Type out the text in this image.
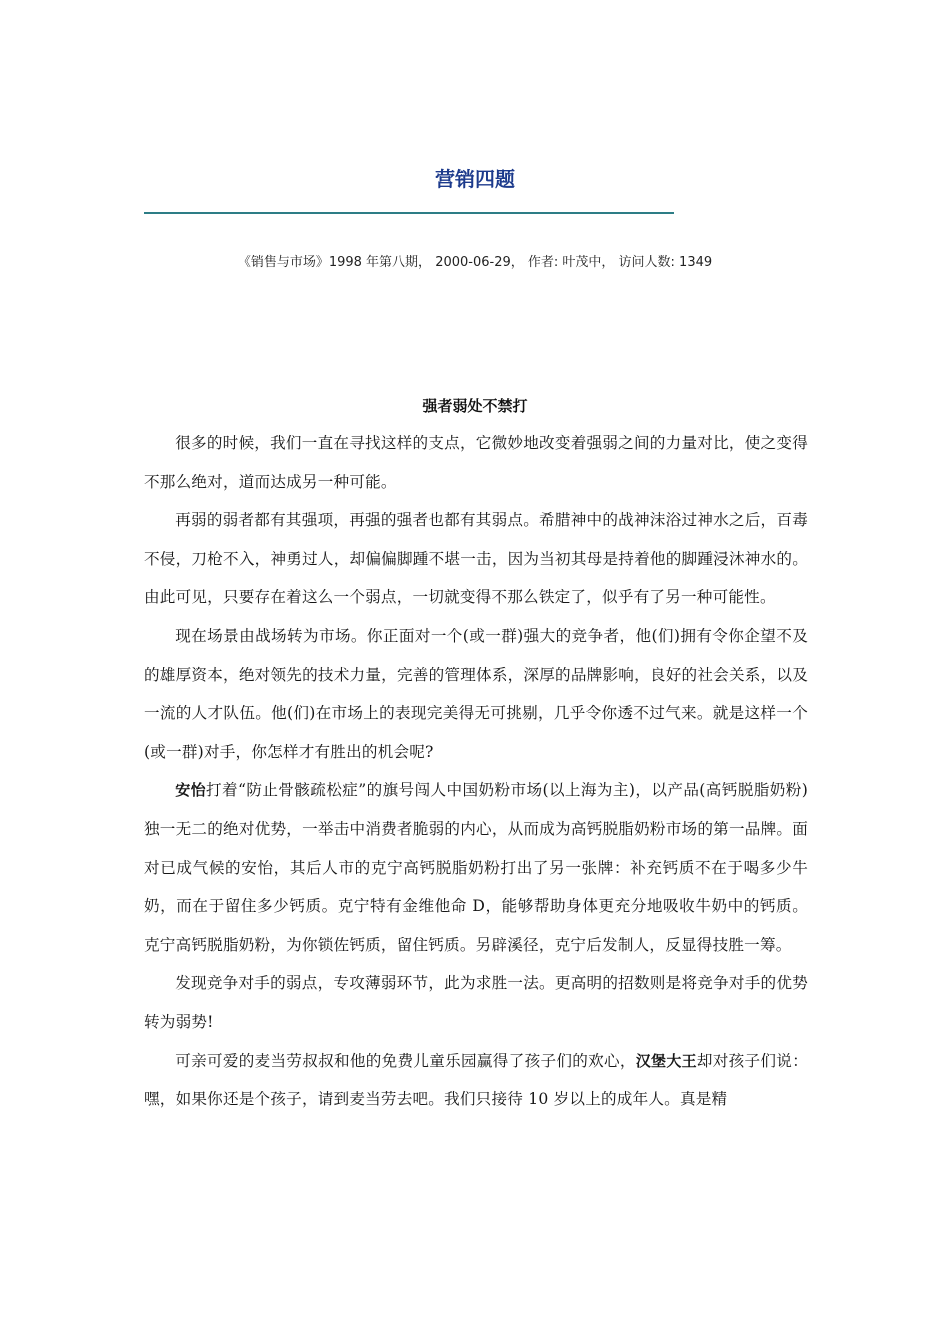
营销四题
《销售与市场》1998 年第八期， 2000-06-29， 作者: 叶茂中， 访问人数: 1349
强者弱处不禁打

很多的时候，我们一直在寻找这样的支点，它微妙地改变着强弱之间的力量对比，使之变得不那么绝对，道而达成另一种可能。

再弱的弱者都有其强项，再强的强者也都有其弱点。希腊神中的战神沫浴过神水之后，百毒不侵，刀枪不入，神勇过人，却偏偏脚踵不堪一击，因为当初其母是持着他的脚踵浸沐神水的。由此可见，只要存在着这么一个弱点，一切就变得不那么铁定了，似乎有了另一种可能性。

现在场景由战场转为市场。你正面对一个(或一群)强大的竞争者，他(们)拥有令你企望不及的雄厚资本，绝对领先的技术力量，完善的管理体系，深厚的品牌影响，良好的社会关系，以及一流的人才队伍。他(们)在市场上的表现完美得无可挑剔，几乎令你透不过气来。就是这样一个(或一群)对手，你怎样才有胜出的机会呢?

安怡打着“防止骨骸疏松症”的旗号闯人中国奶粉市场(以上海为主)，以产品(高钙脱脂奶粉)独一无二的绝对优势，一举击中消费者脆弱的内心，从而成为高钙脱脂奶粉市场的第一品牌。面对已成气候的安怡，其后人市的克宁高钙脱脂奶粉打出了另一张牌：补充钙质不在于喝多少牛奶，而在于留住多少钙质。克宁特有金维他命 D，能够帮助身体更充分地吸收牛奶中的钙质。克宁高钙脱脂奶粉，为你锁佐钙质，留住钙质。另辟溪径，克宁后发制人，反显得技胜一筹。

发现竞争对手的弱点，专攻薄弱环节，此为求胜一法。更高明的招数则是将竞争对手的优势转为弱势!

可亲可爱的麦当劳叔叔和他的免费儿童乐园赢得了孩子们的欢心，汉堡大王却对孩子们说：嘿，如果你还是个孩子，请到麦当劳去吧。我们只接待 10 岁以上的成年人。真是精
